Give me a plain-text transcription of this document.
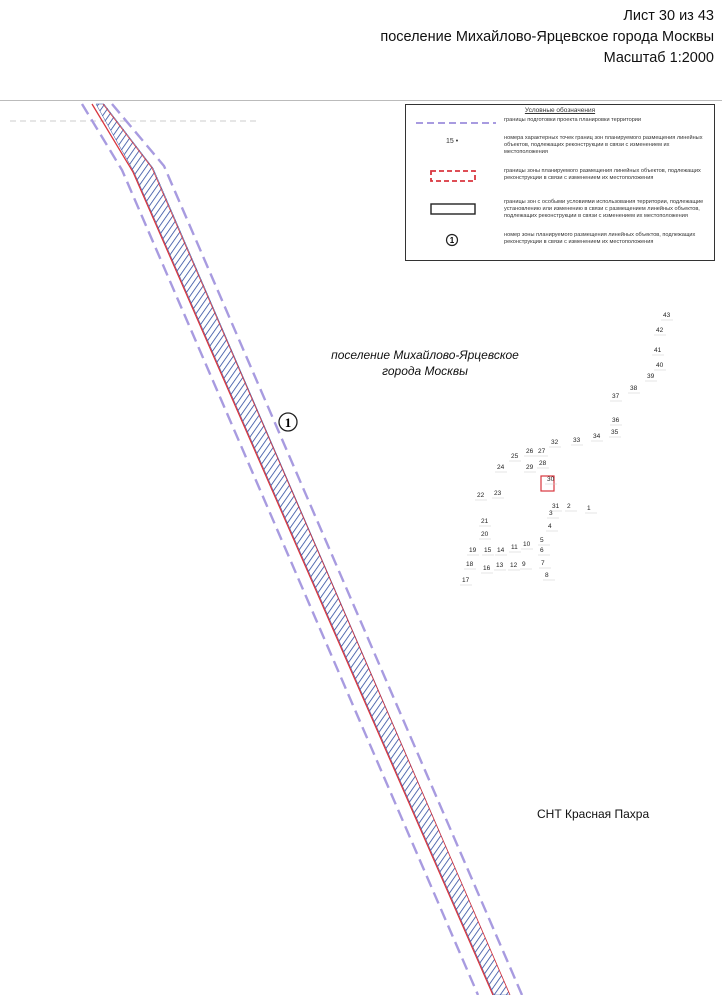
Лист 30 из 43
поселение Михайлово-Ярцевское города Москвы
Масштаб 1:2000
1
43
42
41
40
39
38
37
36
35
34
33
32
26 27
25
28
24	29
30
22 23
31 2	1
3
21
20
5
10
11
14
15
19	6
7
9
12
13
16
18
8
17
4
поселение Михайлово-Ярцевское
города Москвы
СНТ Красная Пахра
Условные обозначения
границы подготовки проекта планировки территории
15 •	номера характерных точек границ зон планируемого размещения линейных объектов, подлежащих реконструкции в связи с изменением их местоположения
границы зоны планируемого размещения линейных объектов, подлежащих реконструкции в связи с изменением их местоположения
границы зон с особыми условиями использования территории, подлежащие установлению или изменению в связи с размещением линейных объектов, подлежащих реконструкции в связи с изменением их местоположения
1
номер зоны планируемого размещения линейных объектов, подлежащих реконструкции в связи с изменением их местоположения
